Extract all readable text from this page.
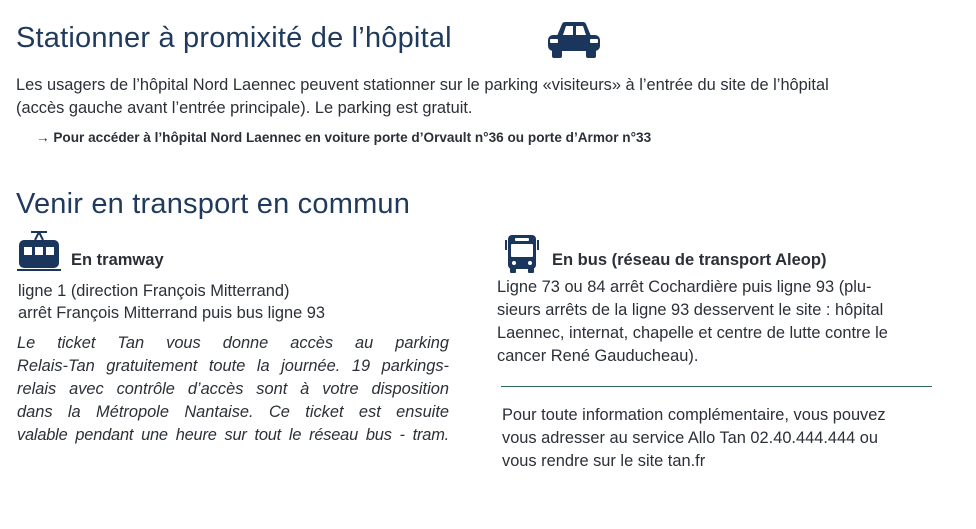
Stationner à promixité de l’hôpital
Les usagers de l’hôpital Nord Laennec peuvent stationner sur le parking «visiteurs» à l’entrée du site de l’hôpital
(accès gauche avant l’entrée principale). Le parking est gratuit.
→ Pour accéder à l’hôpital Nord Laennec en voiture porte d’Orvault n°36 ou porte d’Armor n°33
Venir en transport en commun
En tramway
ligne 1 (direction François Mitterrand)
arrêt François Mitterrand puis bus ligne 93
Le ticket Tan vous donne accès au parking
Relais-Tan gratuitement toute la journée. 19 parkings-
relais avec contrôle d’accès sont à votre disposition
dans la Métropole Nantaise. Ce ticket est ensuite
valable pendant une heure sur tout le réseau bus - tram.
En bus (réseau de transport Aleop)
Ligne 73 ou 84 arrêt Cochardière puis ligne 93 (plu-
sieurs arrêts de la ligne 93 desservent le site : hôpital
Laennec, internat, chapelle et centre de lutte contre le
cancer René Gauducheau).
Pour toute information complémentaire, vous pouvez
vous adresser au service Allo Tan 02.40.444.444 ou
vous rendre sur le site tan.fr
